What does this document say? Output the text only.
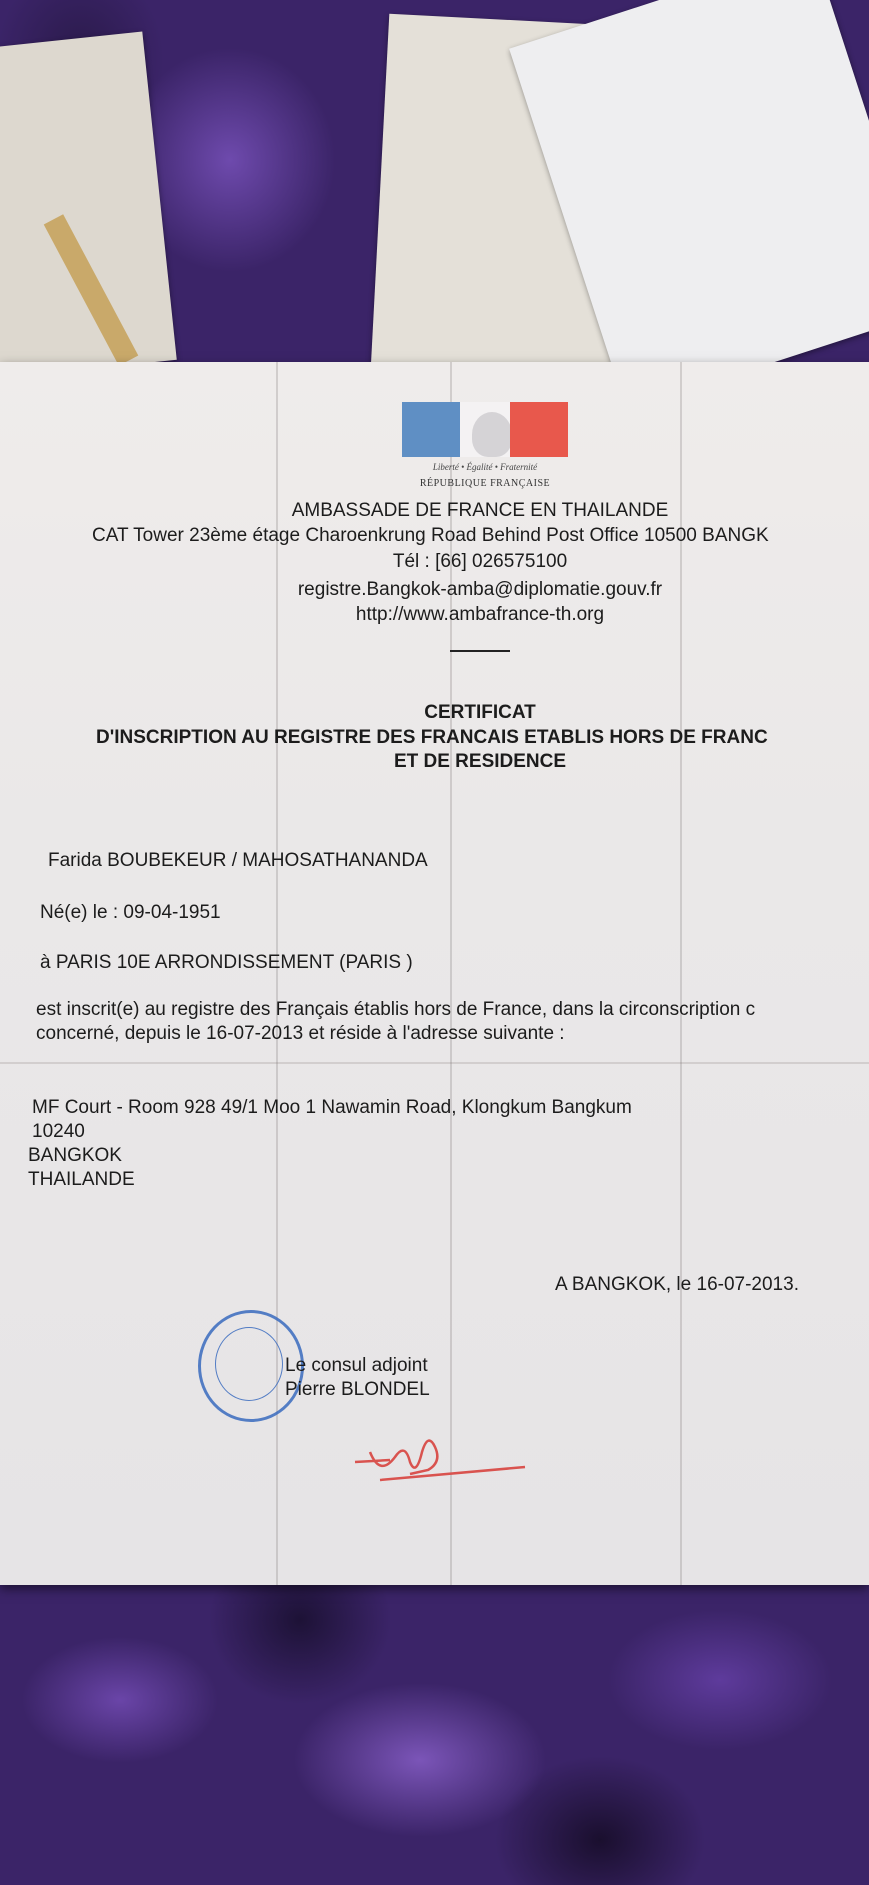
Liberté • Égalité • Fraternité
RÉPUBLIQUE FRANÇAISE
AMBASSADE DE FRANCE EN THAILANDE
CAT Tower 23ème étage Charoenkrung Road Behind Post Office 10500 BANGK
Tél : [66] 026575100
registre.Bangkok-amba@diplomatie.gouv.fr
http://www.ambafrance-th.org
CERTIFICAT
D'INSCRIPTION AU REGISTRE DES FRANCAIS ETABLIS HORS DE FRANC
ET DE RESIDENCE
Farida BOUBEKEUR / MAHOSATHANANDA
Né(e) le : 09-04-1951
à PARIS 10E ARRONDISSEMENT (PARIS )
est inscrit(e) au registre des Français établis hors de France, dans la circonscription c
concerné, depuis le 16-07-2013 et réside à l'adresse suivante :
MF Court - Room 928 49/1 Moo 1 Nawamin Road, Klongkum Bangkum
10240
BANGKOK
THAILANDE
A BANGKOK, le 16-07-2013.
Le consul adjoint
Pierre BLONDEL
